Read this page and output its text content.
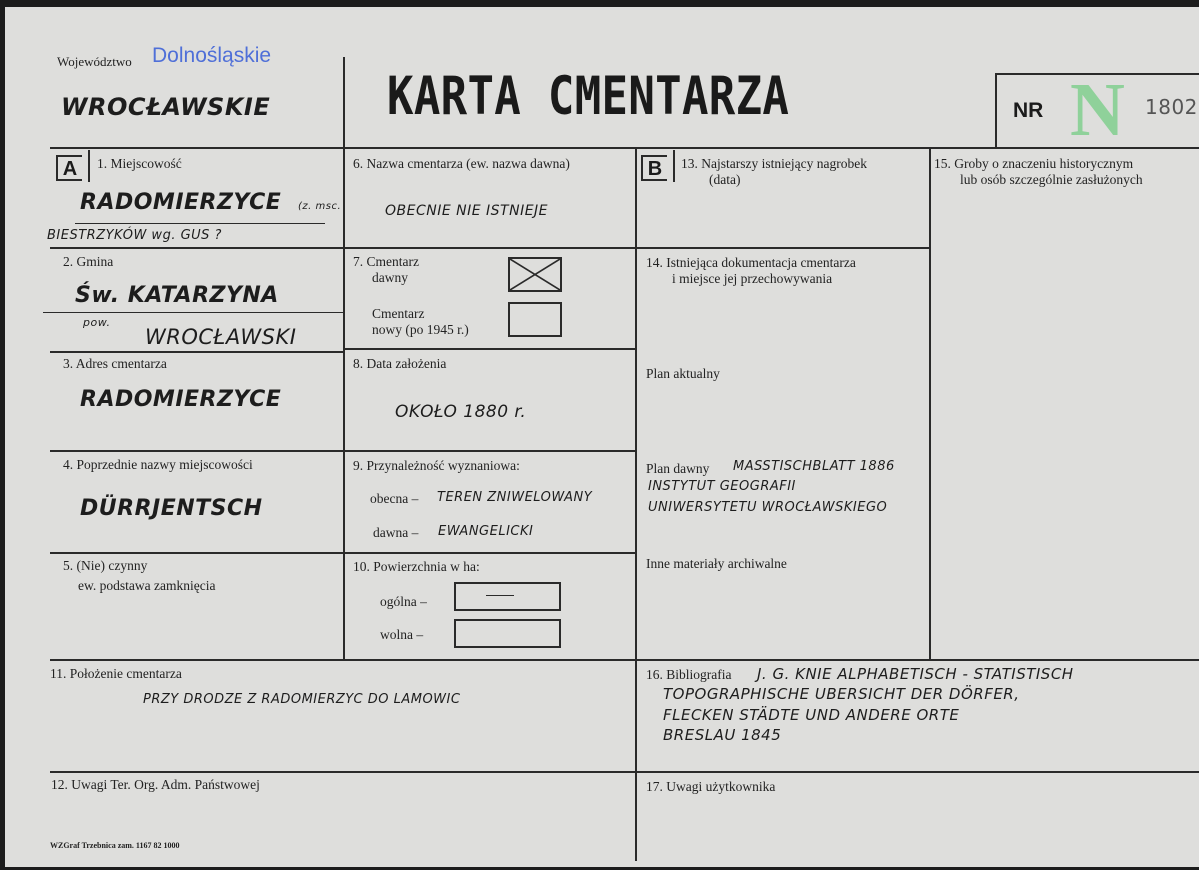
Województwo Dolnośląskie
WROCŁAWSKIE KARTA CMENTARZA	NR N 1802
A	1. Miejscowość
RADOMIERZYCE (z. msc.
BIESTRZYKÓW wg. GUS ?
2. Gmina
Św. KATARZYNA
pow.
WROCŁAWSKI
3. Adres cmentarza
RADOMIERZYCE
4. Poprzednie nazwy miejscowości
DÜRRJENTSCH
5. (Nie) czynny
ew. podstawa zamknięcia
6. Nazwa cmentarza (ew. nazwa dawna)
OBECNIE NIE ISTNIEJE
7. Cmentarz
dawny
Cmentarz
nowy (po 1945 r.)
8. Data założenia
OKOŁO 1880 r.
9. Przynależność wyznaniowa:
obecna – TEREN ZNIWELOWANY
dawna – EWANGELICKI
10. Powierzchnia w ha:
ogólna –	——
wolna –
B	13. Najstarszy istniejący nagrobek
(data)
14. Istniejąca dokumentacja cmentarza
i miejsce jej przechowywania
Plan aktualny
Plan dawny MASSTISCHBLATT 1886
INSTYTUT GEOGRAFII
UNIWERSYTETU WROCŁAWSKIEGO
Inne materiały archiwalne
15. Groby o znaczeniu historycznym
lub osób szczególnie zasłużonych
11. Położenie cmentarza
PRZY DRODZE Z RADOMIERZYC DO LAMOWIC
16. Bibliografia J. G. KNIE ALPHABETISCH - STATISTISCH
TOPOGRAPHISCHE UBERSICHT DER DÖRFER,
FLECKEN STÄDTE UND ANDERE ORTE
BRESLAU 1845
12. Uwagi Ter. Org. Adm. Państwowej	17. Uwagi użytkownika
WZGraf Trzebnica zam. 1167 82 1000
